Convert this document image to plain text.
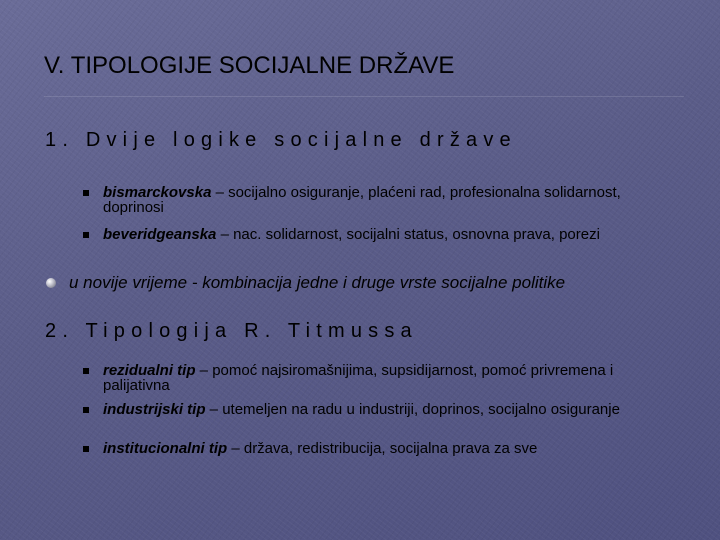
V. TIPOLOGIJE SOCIJALNE DRŽAVE
1. Dvije logike socijalne države
bismarckovska – socijalno osiguranje, plaćeni rad, profesionalna solidarnost, doprinosi
beveridgeanska – nac. solidarnost, socijalni status, osnovna prava, porezi
u novije vrijeme - kombinacija jedne i druge vrste socijalne politike
2. Tipologija R. Titmussa
rezidualni tip – pomoć najsiromašnijima, supsidijarnost, pomoć privremena i palijativna
industrijski tip – utemeljen na radu u industriji, doprinos, socijalno osiguranje
institucionalni tip – država, redistribucija, socijalna prava za sve
